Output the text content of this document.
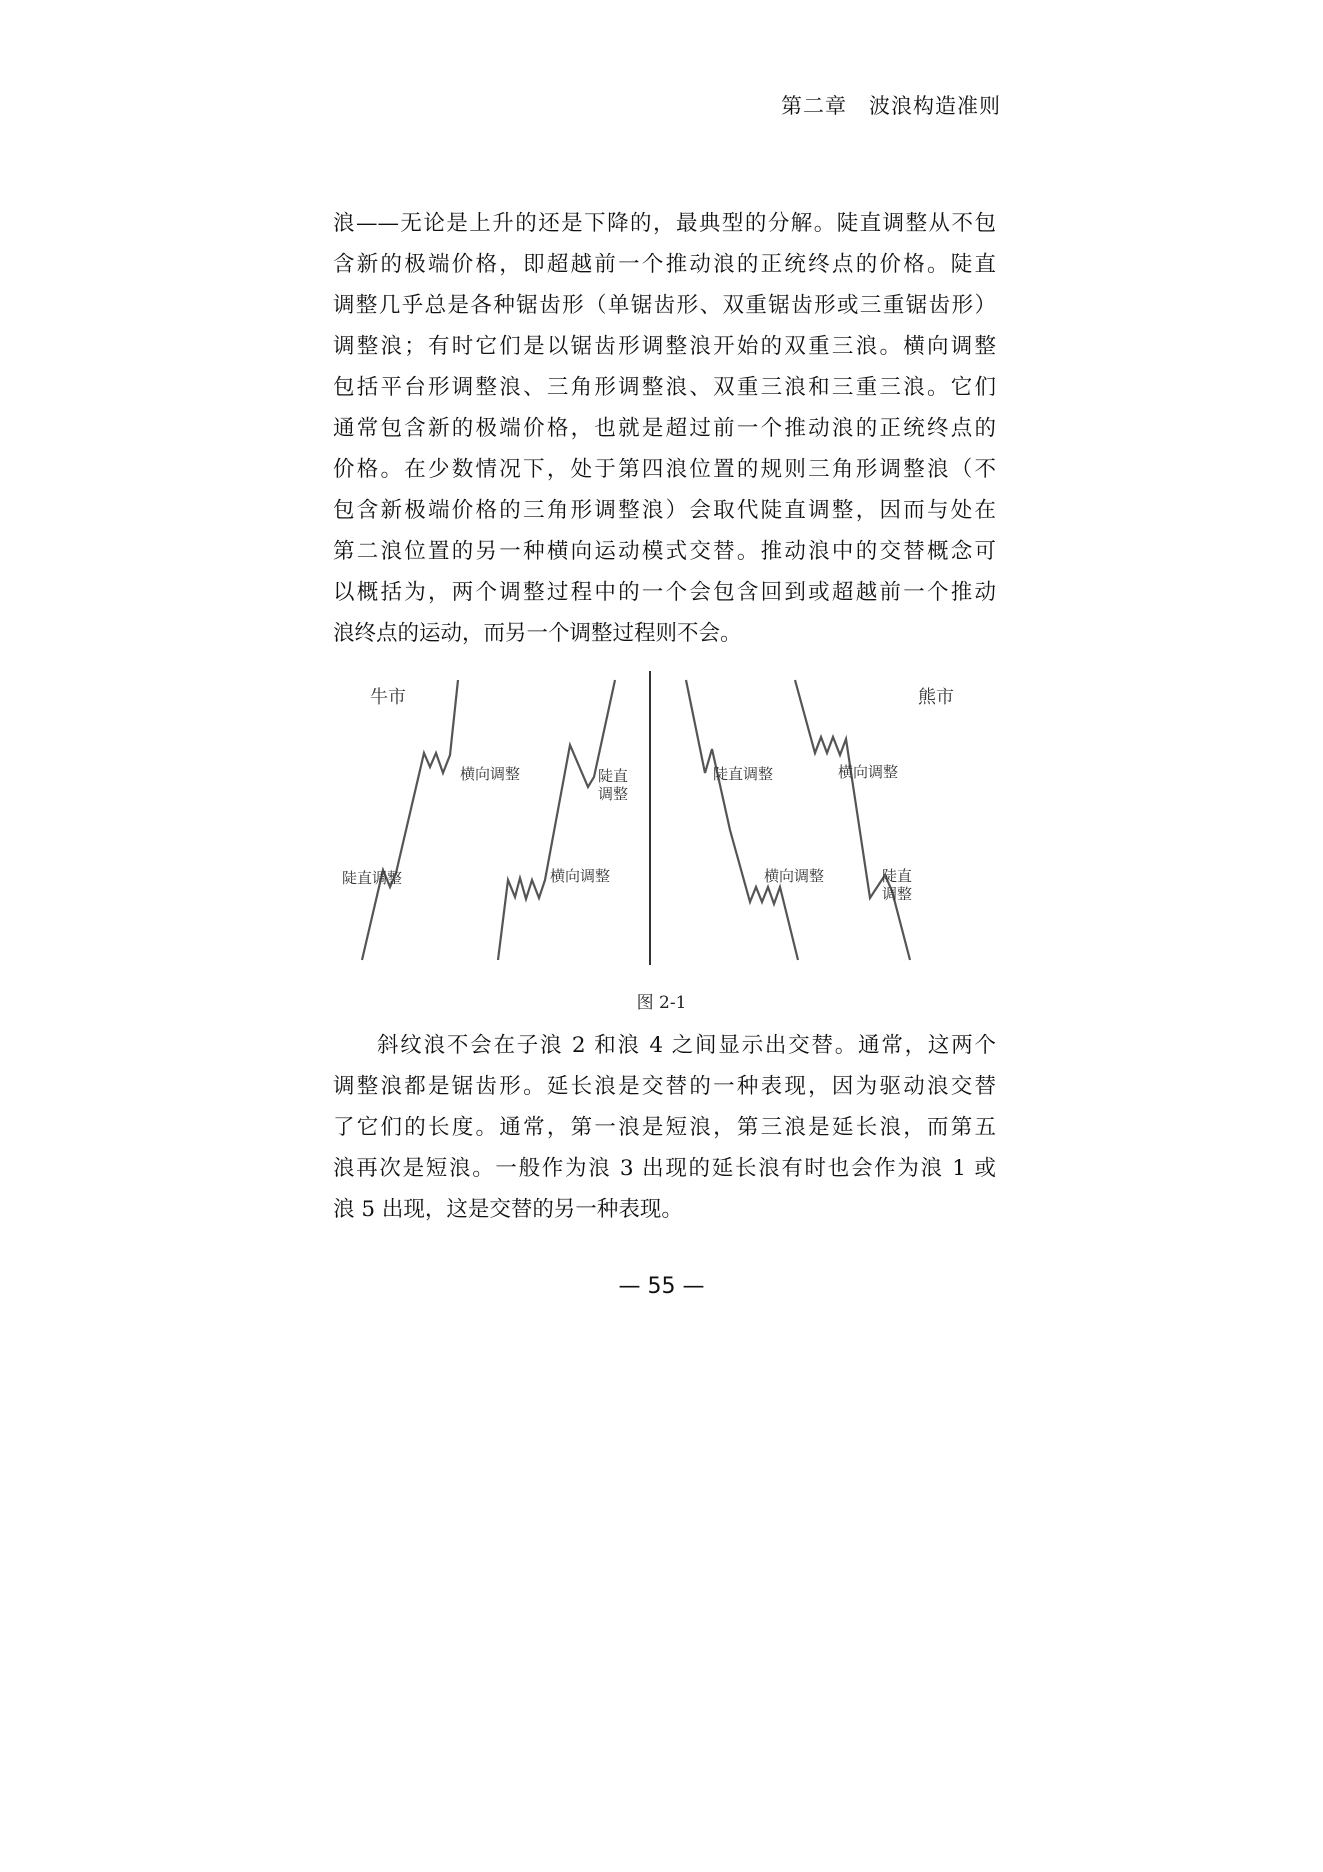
第二章　波浪构造准则

浪——无论是上升的还是下降的，最典型的分解。陡直调整从不包

含新的极端价格，即超越前一个推动浪的正统终点的价格。陡直

调整几乎总是各种锯齿形（单锯齿形、双重锯齿形或三重锯齿形）

调整浪；有时它们是以锯齿形调整浪开始的双重三浪。横向调整

包括平台形调整浪、三角形调整浪、双重三浪和三重三浪。它们

通常包含新的极端价格，也就是超过前一个推动浪的正统终点的

价格。在少数情况下，处于第四浪位置的规则三角形调整浪（不

包含新极端价格的三角形调整浪）会取代陡直调整，因而与处在

第二浪位置的另一种横向运动模式交替。推动浪中的交替概念可

以概括为，两个调整过程中的一个会包含回到或超越前一个推动

浪终点的运动，而另一个调整过程则不会。

牛市	熊市
横向调整
陡直调整
陡直
调整
横向调整
陡直调整	横向调整
横向调整	陡直
调整
图 2-1

斜纹浪不会在子浪 2 和浪 4 之间显示出交替。通常，这两个

调整浪都是锯齿形。延长浪是交替的一种表现，因为驱动浪交替

了它们的长度。通常，第一浪是短浪，第三浪是延长浪，而第五

浪再次是短浪。一般作为浪 3 出现的延长浪有时也会作为浪 1 或

浪 5 出现，这是交替的另一种表现。

— 55 —
